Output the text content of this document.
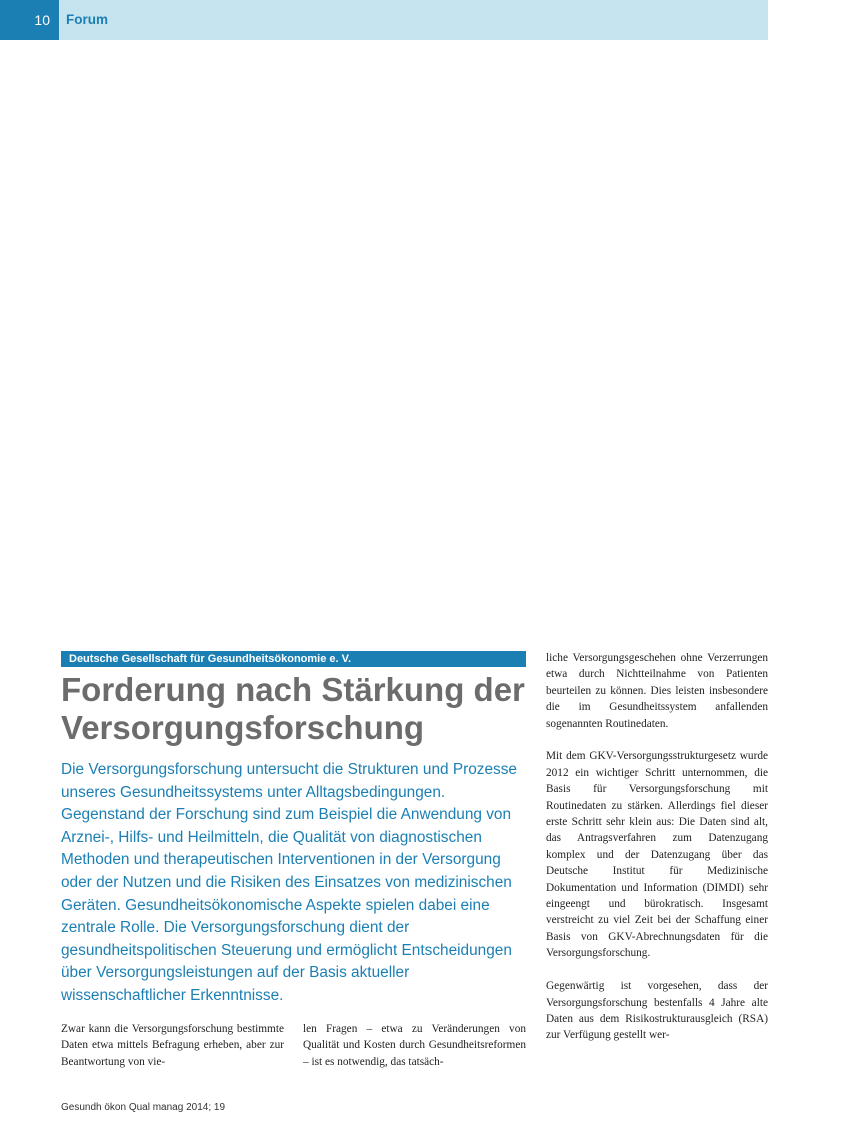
10	Forum
Deutsche Gesellschaft für Gesundheitsökonomie e. V.
Forderung nach Stärkung der Versorgungsforschung

Die Versorgungsforschung untersucht die Strukturen und Prozesse unseres Gesundheitssystems unter Alltagsbedingungen. Gegenstand der Forschung sind zum Beispiel die Anwendung von Arznei-, Hilfs- und Heilmitteln, die Qualität von diagnostischen Methoden und therapeutischen Interventionen in der Versorgung oder der Nutzen und die Risiken des Einsatzes von medizinischen Geräten. Gesundheitsökonomische Aspekte spielen dabei eine zentrale Rolle. Die Versorgungsforschung dient der gesundheitspolitischen Steuerung und ermöglicht Entscheidungen über Versorgungsleistungen auf der Basis aktueller wissenschaftlicher Erkenntnisse.

Zwar kann die Versorgungsforschung bestimmte Daten etwa mittels Befragung erheben, aber zur Beantwortung von vie-

len Fragen – etwa zu Veränderungen von Qualität und Kosten durch Gesundheitsreformen – ist es notwendig, das tatsäch-

liche Versorgungsgeschehen ohne Verzerrungen etwa durch Nichtteilnahme von Patienten beurteilen zu können. Dies leisten insbesondere die im Gesundheitssystem anfallenden sogenannten Routinedaten.

Mit dem GKV-Versorgungsstrukturgesetz wurde 2012 ein wichtiger Schritt unternommen, die Basis für Versorgungsforschung mit Routinedaten zu stärken. Allerdings fiel dieser erste Schritt sehr klein aus: Die Daten sind alt, das Antragsverfahren zum Datenzugang komplex und der Datenzugang über das Deutsche Institut für Medizinische Dokumentation und Information (DIMDI) sehr eingeengt und bürokratisch. Insgesamt verstreicht zu viel Zeit bei der Schaffung einer Basis von GKV-Abrechnungsdaten für die Versorgungsforschung.

Gegenwärtig ist vorgesehen, dass der Versorgungsforschung bestenfalls 4 Jahre alte Daten aus dem Risikostrukturausgleich (RSA) zur Verfügung gestellt wer-

Gesundh ökon Qual manag 2014; 19
